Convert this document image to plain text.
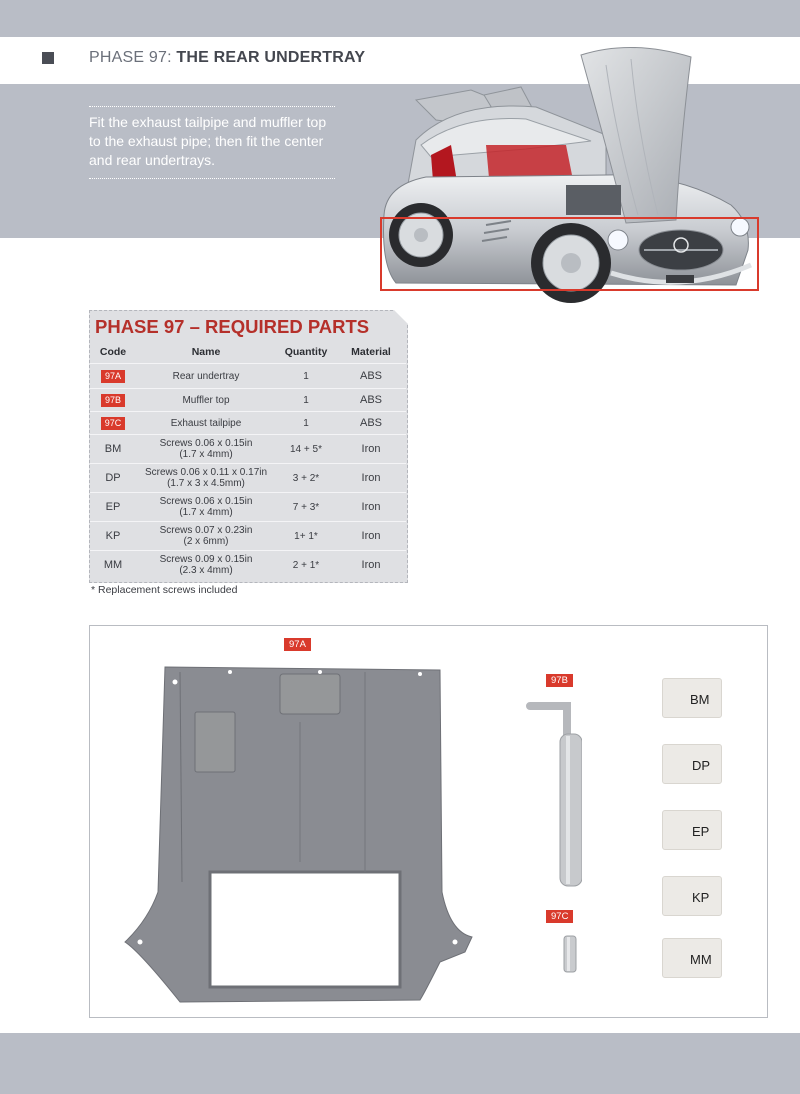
PHASE 97: THE REAR UNDERTRAY
Fit the exhaust tailpipe and muffler top to the exhaust pipe; then fit the center and rear undertrays.
PHASE 97 – REQUIRED PARTS
Code	Name	Quantity	Material
97A	Rear undertray	1	ABS
97B	Muffler top	1	ABS
97C	Exhaust tailpipe	1	ABS
BM	Screws 0.06 x 0.15in
(1.7 x 4mm)	14 + 5*	Iron
DP	Screws 0.06 x 0.11 x 0.17in
(1.7 x 3 x 4.5mm)	3 + 2*	Iron
EP	Screws 0.06 x 0.15in
(1.7 x 4mm)	7 + 3*	Iron
KP	Screws 0.07 x 0.23in
(2 x 6mm)	1+ 1*	Iron
MM	Screws 0.09 x 0.15in
(2.3 x 4mm)	2 + 1*	Iron
* Replacement screws included
97A
97B
97C
BM
DP
EP
KP
MM
